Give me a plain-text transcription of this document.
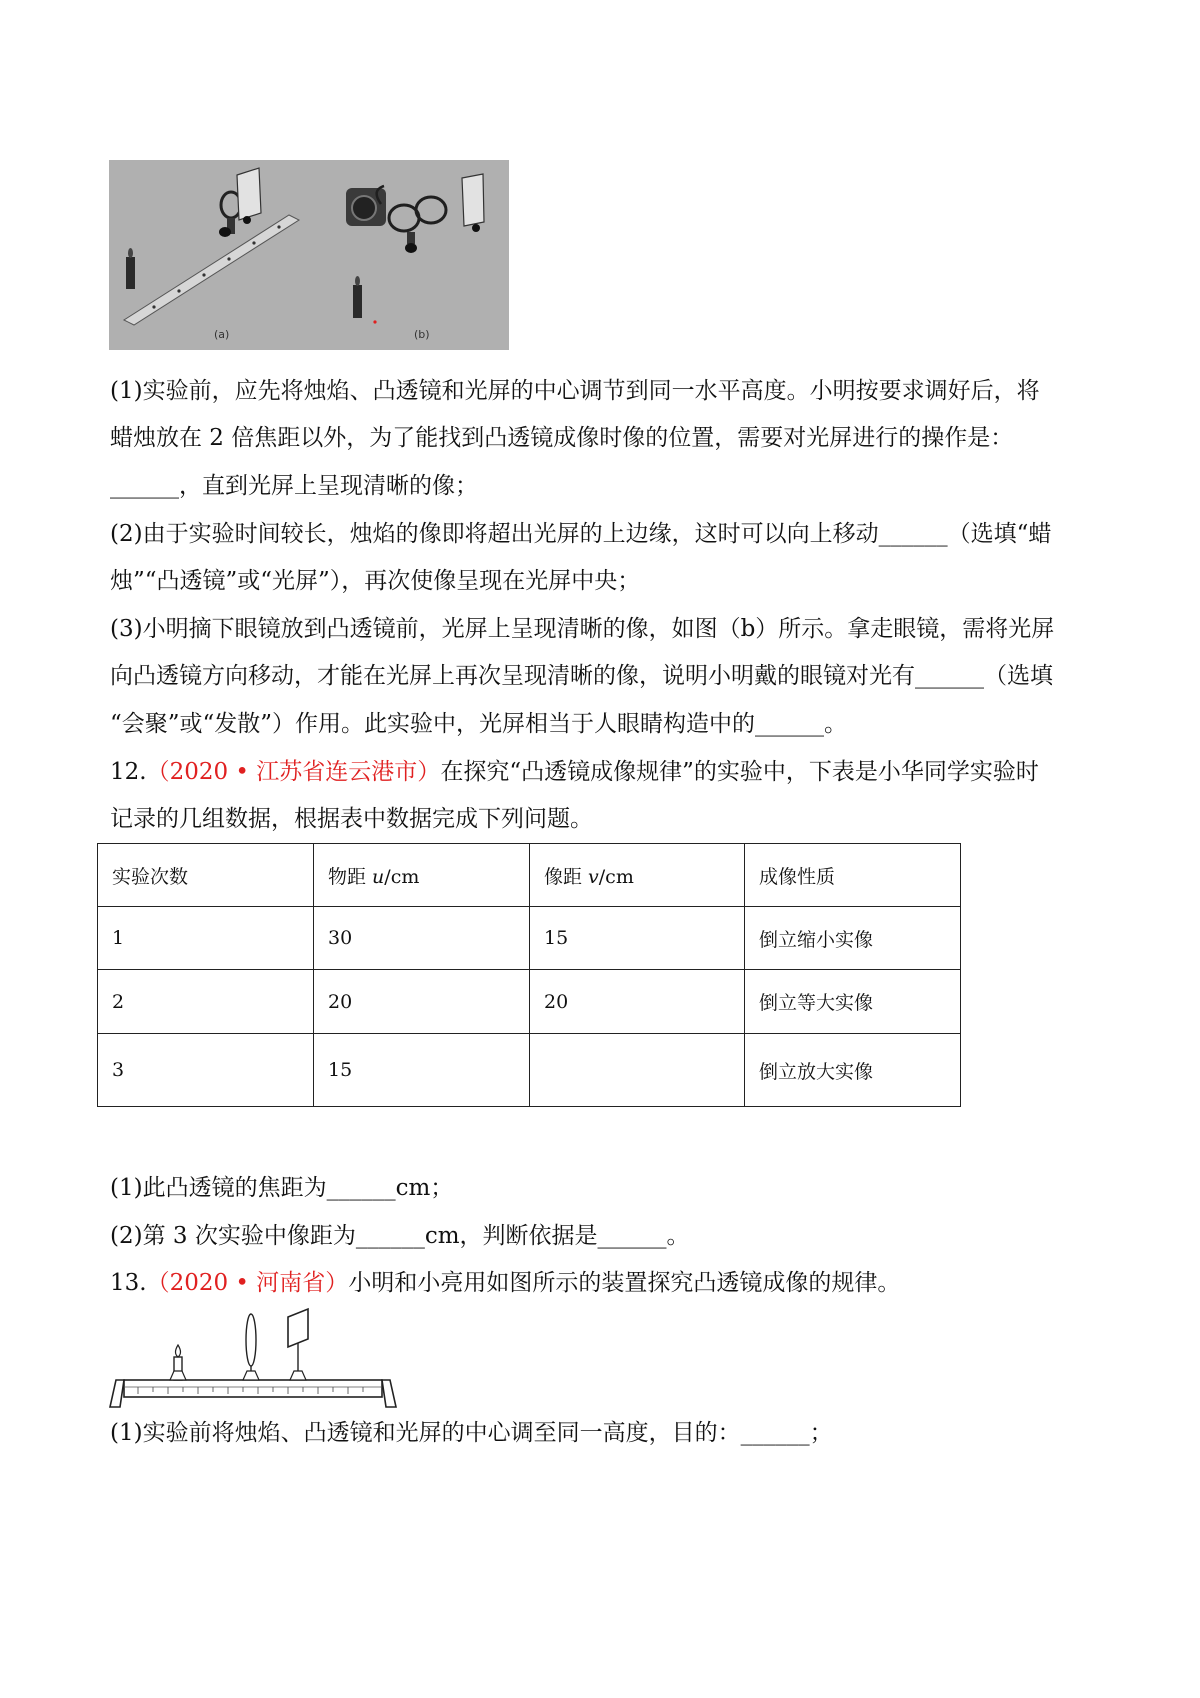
(a)	(b)
(1)实验前，应先将烛焰、凸透镜和光屏的中心调节到同一水平高度。小明按要求调好后，将
蜡烛放在 2 倍焦距以外，为了能找到凸透镜成像时像的位置，需要对光屏进行的操作是：
______，直到光屏上呈现清晰的像；
(2)由于实验时间较长，烛焰的像即将超出光屏的上边缘，这时可以向上移动______（选填“蜡
烛”“凸透镜”或“光屏”），再次使像呈现在光屏中央；
(3)小明摘下眼镜放到凸透镜前，光屏上呈现清晰的像，如图（b）所示。拿走眼镜，需将光屏
向凸透镜方向移动，才能在光屏上再次呈现清晰的像，说明小明戴的眼镜对光有______（选填
“会聚”或“发散”）作用。此实验中，光屏相当于人眼睛构造中的______。
12.（2020 • 江苏省连云港市）在探究“凸透镜成像规律”的实验中，下表是小华同学实验时
记录的几组数据，根据表中数据完成下列问题。
实验次数	物距 u/cm	像距 v/cm	成像性质
1	30	15	倒立缩小实像
2	20	20	倒立等大实像
3	15		倒立放大实像
(1)此凸透镜的焦距为______cm；
(2)第 3 次实验中像距为______cm，判断依据是______。
13.（2020 • 河南省）小明和小亮用如图所示的装置探究凸透镜成像的规律。
(1)实验前将烛焰、凸透镜和光屏的中心调至同一高度，目的：______；
